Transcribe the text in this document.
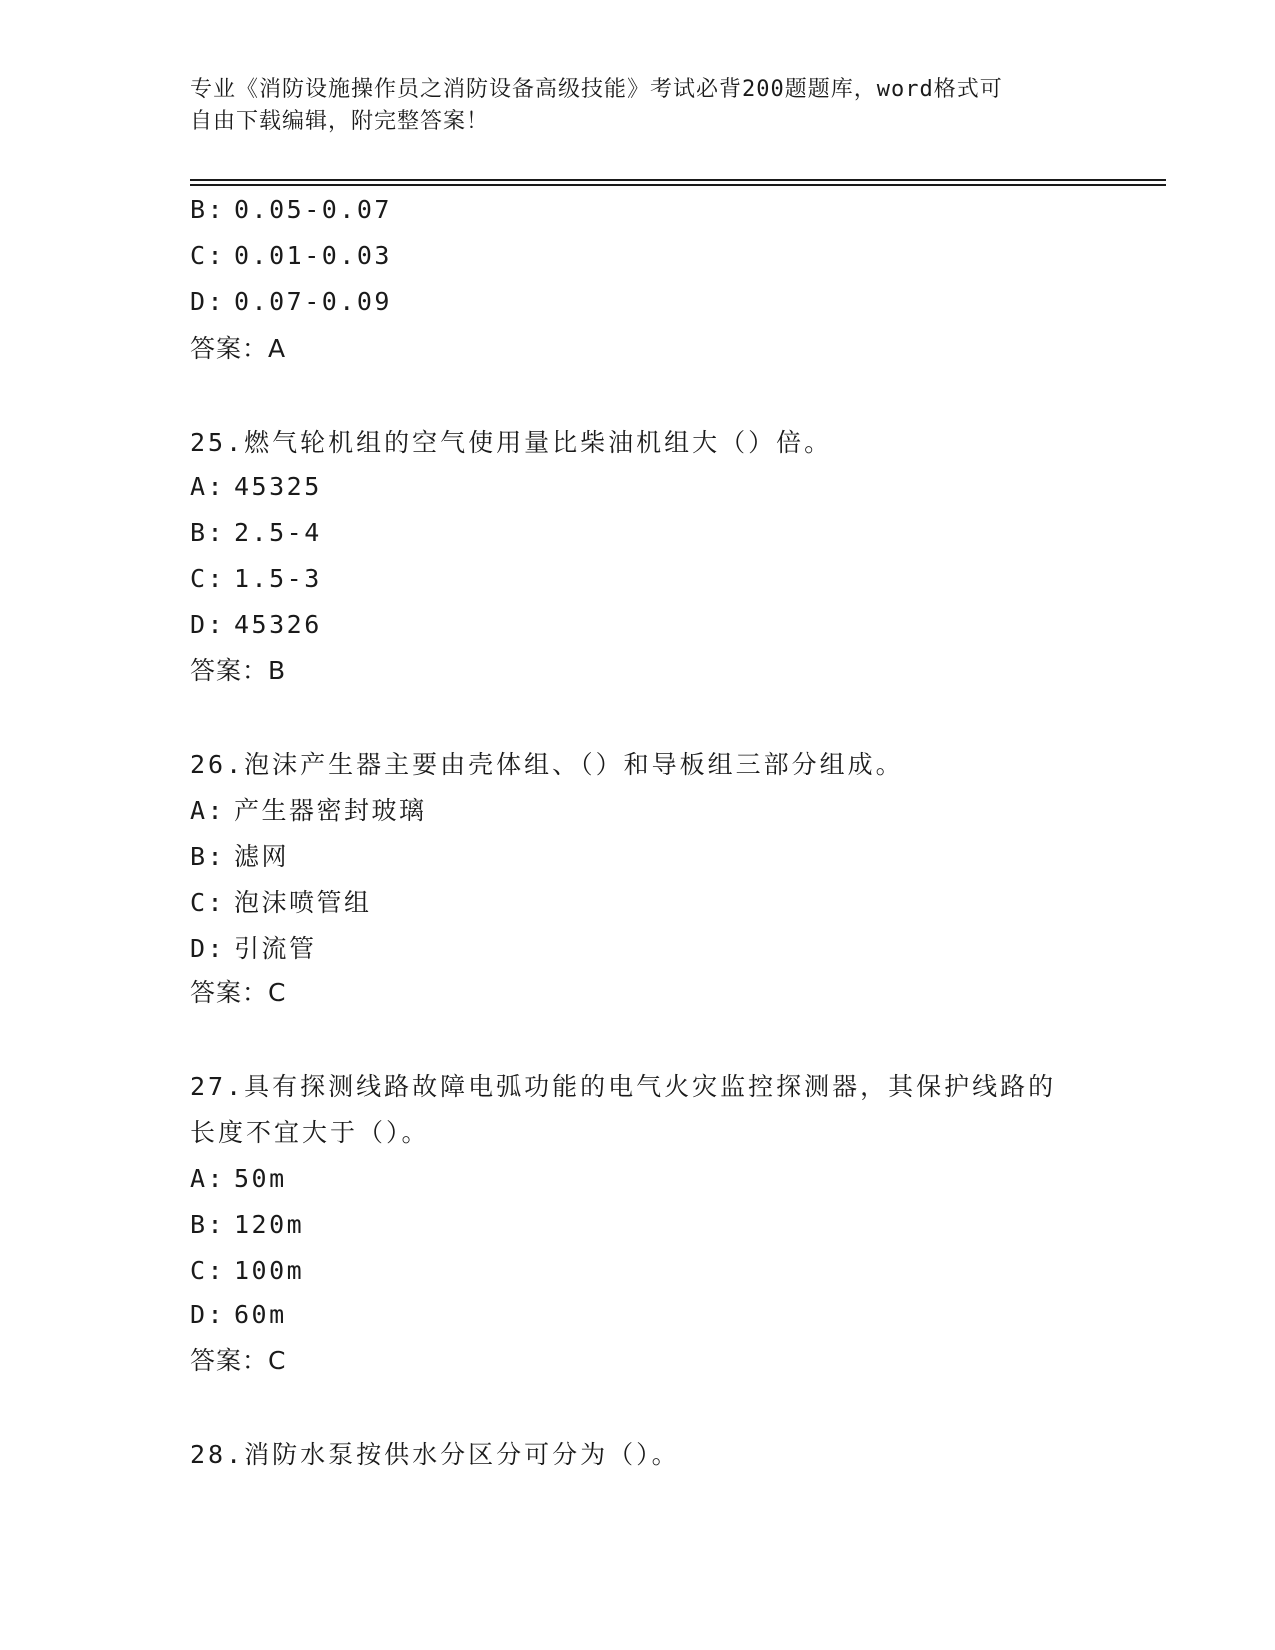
专业《消防设施操作员之消防设备高级技能》考试必背200题题库，word格式可
自由下载编辑，附完整答案！
B: 0.05-0.07
C: 0.01-0.03
D: 0.07-0.09
答案：A
25.燃气轮机组的空气使用量比柴油机组大（）倍。
A: 45325
B: 2.5-4
C: 1.5-3
D: 45326
答案：B
26.泡沫产生器主要由壳体组、（）和导板组三部分组成。
A: 产生器密封玻璃
B: 滤网
C: 泡沫喷管组
D: 引流管
答案：C
27.具有探测线路故障电弧功能的电气火灾监控探测器，其保护线路的
长度不宜大于（）。
A: 50m
B: 120m
C: 100m
D: 60m
答案：C
28.消防水泵按供水分区分可分为（）。
